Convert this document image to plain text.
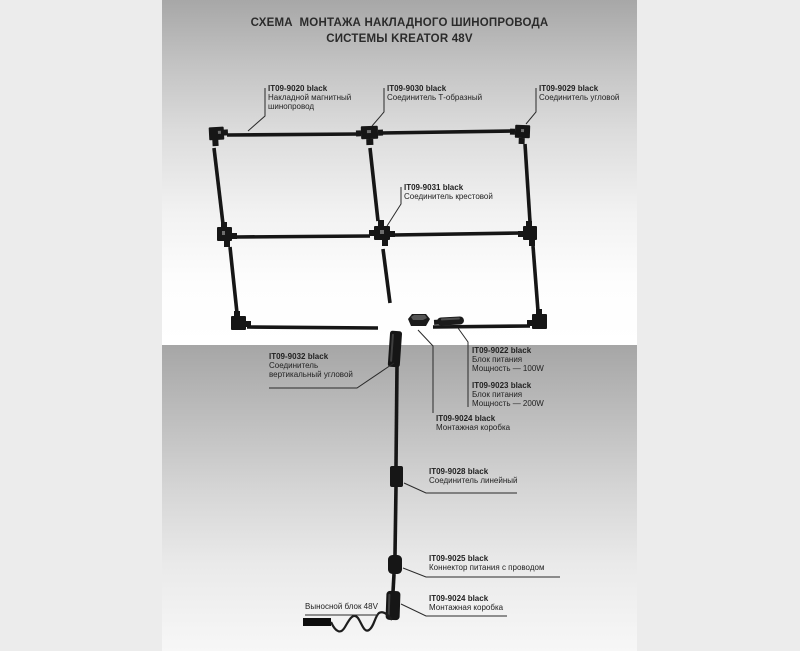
СХЕМА  МОНТАЖА НАКЛАДНОГО ШИНОПРОВОДА
СИСТЕМЫ KREATOR 48V
IT09-9020 black
Накладной магнитный
шинопровод
IT09-9030 black
Соединитель Т-образный
IT09-9029 black
Соединитель угловой
IT09-9031 black
Соединитель крестовой
IT09-9032 black
Соединитель
вертикальный угловой
IT09-9022 black
Блок питания
Мощность — 100W
IT09-9023 black
Блок питания
Мощность — 200W
IT09-9024 black
Монтажная коробка
IT09-9028 black
Соединитель линейный
IT09-9025 black
Коннектор питания с проводом
IT09-9024 black
Монтажная коробка
Выносной блок 48V
